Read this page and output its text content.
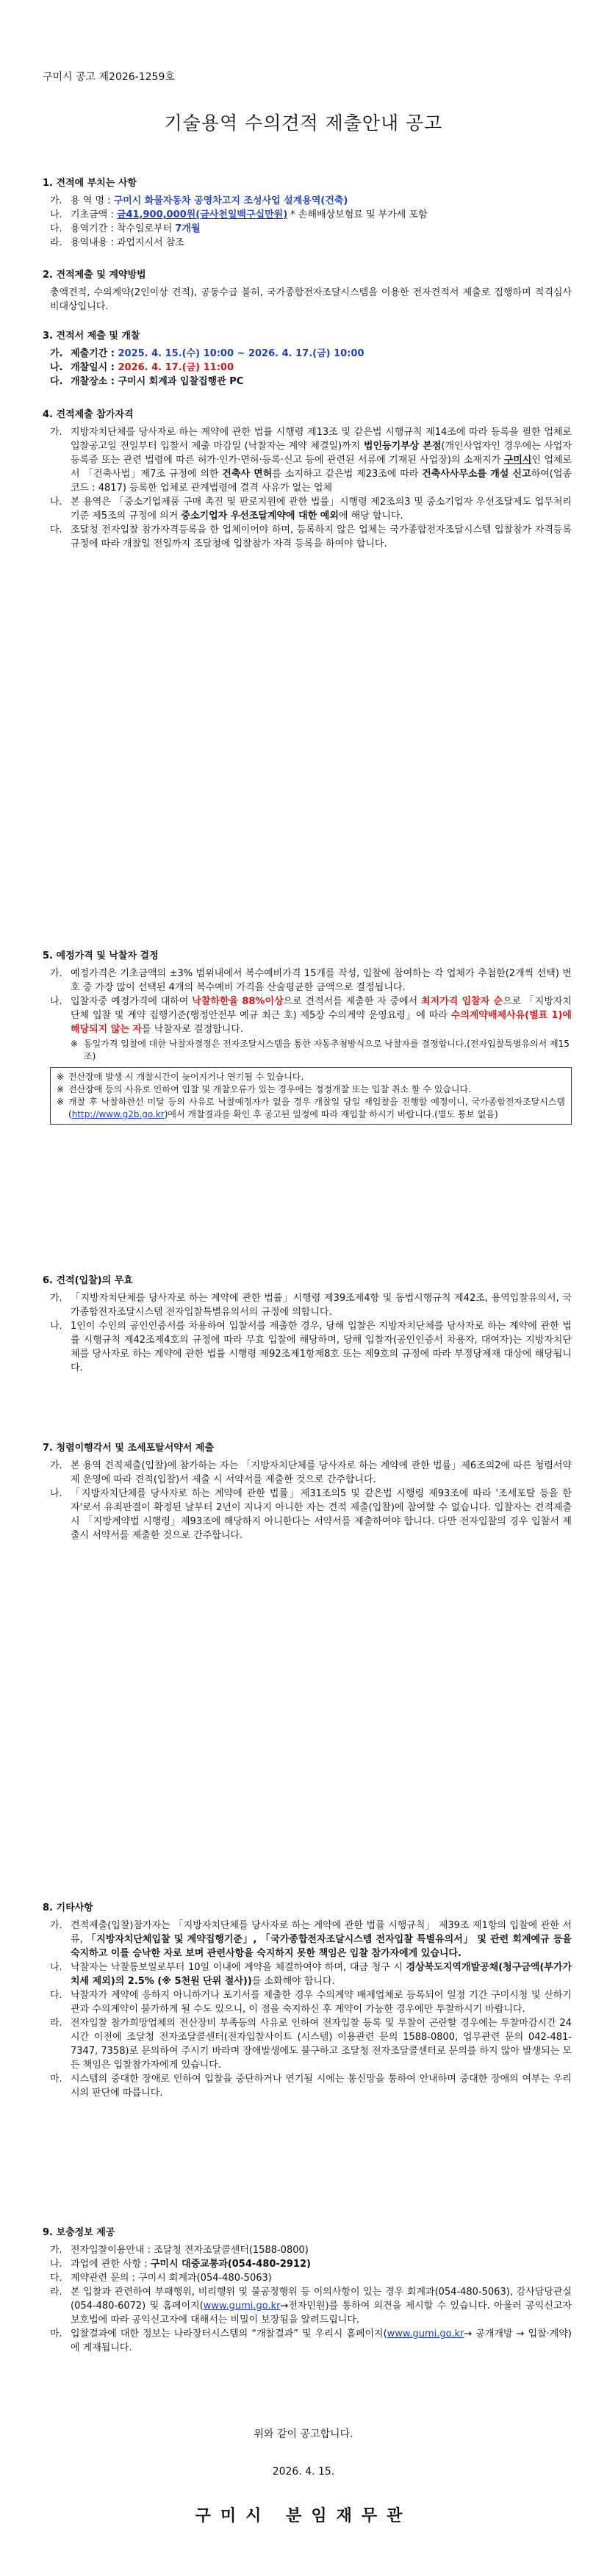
구미시 공고 제2026-1259호
기술용역 수의견적 제출안내 공고
1. 견적에 부치는 사항
가. 용 역 명 : 구미시 화물자동차 공영차고지 조성사업 설계용역(건축)
나. 기초금액 : 금41,900,000원(금사천일백구십만원) * 손해배상보험료 및 부가세 포함
다. 용역기간 : 착수일로부터 7개월
라. 용역내용 : 과업지시서 참조
2. 견적제출 및 계약방법
총액견적, 수의계약(2인이상 견적), 공동수급 불허, 국가종합전자조달시스템을 이용한 전자견적서 제출로 집행하며 적격심사 비대상입니다.
3. 견적서 제출 및 개찰
가. 제출기간 : 2025. 4. 15.(수) 10:00 ~ 2026. 4. 17.(금) 10:00
나. 개찰일시 : 2026. 4. 17.(금) 11:00
다. 개찰장소 : 구미시 회계과 입찰집행관 PC
4. 견적제출 참가자격
가. 지방자치단체를 당사자로 하는 계약에 관한 법률 시행령 제13조 및 같은법 시행규칙 제14조에 따라 등록을 필한 업체로 입찰공고일 전일부터 입찰서 제출 마감일 (낙찰자는 계약 체결일)까지 법인등기부상 본점(개인사업자인 경우에는 사업자등록증 또는 관련 법령에 따른 허가·인가·면허·등록·신고 등에 관련된 서류에 기재된 사업장)의 소재지가 구미시인 업체로서 「건축사법」제7조 규정에 의한 건축사 면허를 소지하고 같은법 제23조에 따라 건축사사무소를 개설 신고하여(업종코드 : 4817) 등록한 업체로 관계법령에 결격 사유가 없는 업체
나. 본 용역은 「중소기업제품 구매 촉진 및 판로지원에 관한 법률」시행령 제2조의3 및 중소기업자 우선조달제도 업무처리기준 제5조의 규정에 의거 중소기업자 우선조달계약에 대한 예외에 해당 합니다.
다. 조달청 전자입찰 참가자격등록을 한 업체이어야 하며, 등록하지 않은 업체는 국가종합전자조달시스템 입찰참가 자격등록 규정에 따라 개찰일 전일까지 조달청에 입찰참가 자격 등록을 하여야 합니다.
5. 예정가격 및 낙찰자 결정
가. 예정가격은 기초금액의 ±3% 범위내에서 복수예비가격 15개를 작성, 입찰에 참여하는 각 업체가 추첨한(2개씩 선택) 번호 중 가장 많이 선택된 4개의 복수예비 가격을 산술평균한 금액으로 결정됩니다.
나. 입찰자중 예정가격에 대하여 낙찰하한율 88%이상으로 견적서를 제출한 자 중에서 최저가격 입찰자 순으로 「지방자치단체 입찰 및 계약 집행기준(행정안전부 예규 최근 호) 제5장 수의계약 운영요령」에 따라 수의계약배제사유(별표 1)에 해당되지 않는 자를 낙찰자로 결정합니다.
※ 동일가격 입찰에 대한 낙찰자결정은 전자조달시스템을 통한 자동추첨방식으로 낙찰자를 결정합니다.(전자입찰특별유의서 제15조)
※ 전산장애 발생 시 개찰시간이 늦어지거나 연기될 수 있습니다.
※ 전산장애 등의 사유로 인하여 입찰 및 개찰오류가 있는 경우에는 정정개찰 또는 입찰 취소 할 수 있습니다.
※ 개찰 후 낙찰하한선 미달 등의 사유로 낙찰예정자가 없을 경우 개찰일 당일 재입찰을 진행할 예정이니, 국가종합전자조달시스템(http://www.g2b.go.kr)에서 개찰결과를 확인 후 공고된 일정에 따라 재입찰 하시기 바랍니다.(별도 통보 없음)
6. 견적(입찰)의 무효
가. 「지방자치단체를 당사자로 하는 계약에 관한 법률」시행령 제39조제4항 및 동법시행규칙 제42조, 용역입찰유의서, 국가종합전자조달시스템 전자입찰특별유의서의 규정에 의합니다.
나. 1인이 수인의 공인인증서를 차용하여 입찰서를 제출한 경우, 당해 입찰은 지방자치단체를 당사자로 하는 계약에 관한 법률 시행규칙 제42조제4호의 규정에 따라 무효 입찰에 해당하며, 당해 입찰자(공인인증서 차용자, 대여자)는 지방자치단체를 당사자로 하는 계약에 관한 법률 시행령 제92조제1항제8호 또는 제9호의 규정에 따라 부정당제재 대상에 해당됩니다.
7. 청렴이행각서 및 조세포탈서약서 제출
가. 본 용역 견적제출(입찰)에 참가하는 자는 「지방자치단체를 당사자로 하는 계약에 관한 법률」제6조의2에 따른 청렴서약제 운영에 따라 견적(입찰)서 제출 시 서약서를 제출한 것으로 간주합니다.
나. 「지방자치단체를 당사자로 하는 계약에 관한 법률」제31조의5 및 같은법 시행령 제93조에 따라 '조세포탈 등을 한 자'로서 유죄판결이 확정된 날부터 2년이 지나지 아니한 자는 견적 제출(입찰)에 참여할 수 없습니다. 입찰자는 견적제출시 「지방계약법 시행령」제93조에 해당하지 아니한다는 서약서를 제출하여야 합니다. 다만 전자입찰의 경우 입찰서 제출시 서약서를 제출한 것으로 간주합니다.
8. 기타사항
가. 견적제출(입찰)참가자는 「지방자치단체를 당사자로 하는 계약에 관한 법률 시행규칙」 제39조 제1항의 입찰에 관한 서류, 「지방자치단체입찰 및 계약집행기준」, 「국가종합전자조달시스템 전자입찰 특별유의서」 및 관련 회계예규 등을 숙지하고 이를 승낙한 자로 보며 관련사항을 숙지하지 못한 책임은 입찰 참가자에게 있습니다.
나. 낙찰자는 낙찰통보일로부터 10일 이내에 계약을 체결하여야 하며, 대금 청구 시 경상북도지역개발공채(청구금액(부가가치세 제외)의 2.5% (※ 5천원 단위 절사))를 소화해야 합니다.
다. 낙찰자가 계약에 응하지 아니하거나 포기서를 제출한 경우 수의계약 배제업체로 등록되어 일정 기간 구미시청 및 산하기관과 수의계약이 불가하게 될 수도 있으니, 이 점을 숙지하신 후 계약이 가능한 경우에만 투찰하시기 바랍니다.
라. 전자입찰 참가희망업체의 전산장비 부족등의 사유로 인하여 전자입찰 등록 및 투찰이 곤란할 경우에는 투찰마감시간 24시간 이전에 조달청 전자조달콜센터(전자입찰사이트 (시스템) 이용관련 문의 1588-0800, 업무관련 문의 042-481-7347, 7358)로 문의하여 주시기 바라며 장애발생에도 불구하고 조달청 전자조달콜센터로 문의를 하지 않아 발생되는 모든 책임은 입찰참가자에게 있습니다.
마. 시스템의 중대한 장애로 인하여 입찰을 중단하거나 연기될 시에는 통신망을 통하여 안내하며 중대한 장애의 여부는 우리시의 판단에 따릅니다.
9. 보충정보 제공
가. 전자입찰이용안내 : 조달청 전자조달콜센터(1588-0800)
나. 과업에 관한 사항 : 구미시 대중교통과(054-480-2912)
다. 계약관련 문의 : 구미시 회계과(054-480-5063)
라. 본 입찰과 관련하여 부패행위, 비리행위 및 불공정행위 등 이의사항이 있는 경우 회계과(054-480-5063), 감사담당관실(054-480-6072) 및 홈페이지(www.gumi.go.kr→전자민원)를 통하여 의견을 제시할 수 있습니다. 아울러 공익신고자보호법에 따라 공익신고자에 대해서는 비밀이 보장됨을 알려드립니다.
마. 입찰결과에 대한 정보는 나라장터시스템의 “개찰결과” 및 우리시 홈페이지(www.gumi.go.kr→ 공개개방 → 입찰·계약)에 게재됩니다.
위와 같이 공고합니다.
2026. 4. 15.
구미시 분임재무관
